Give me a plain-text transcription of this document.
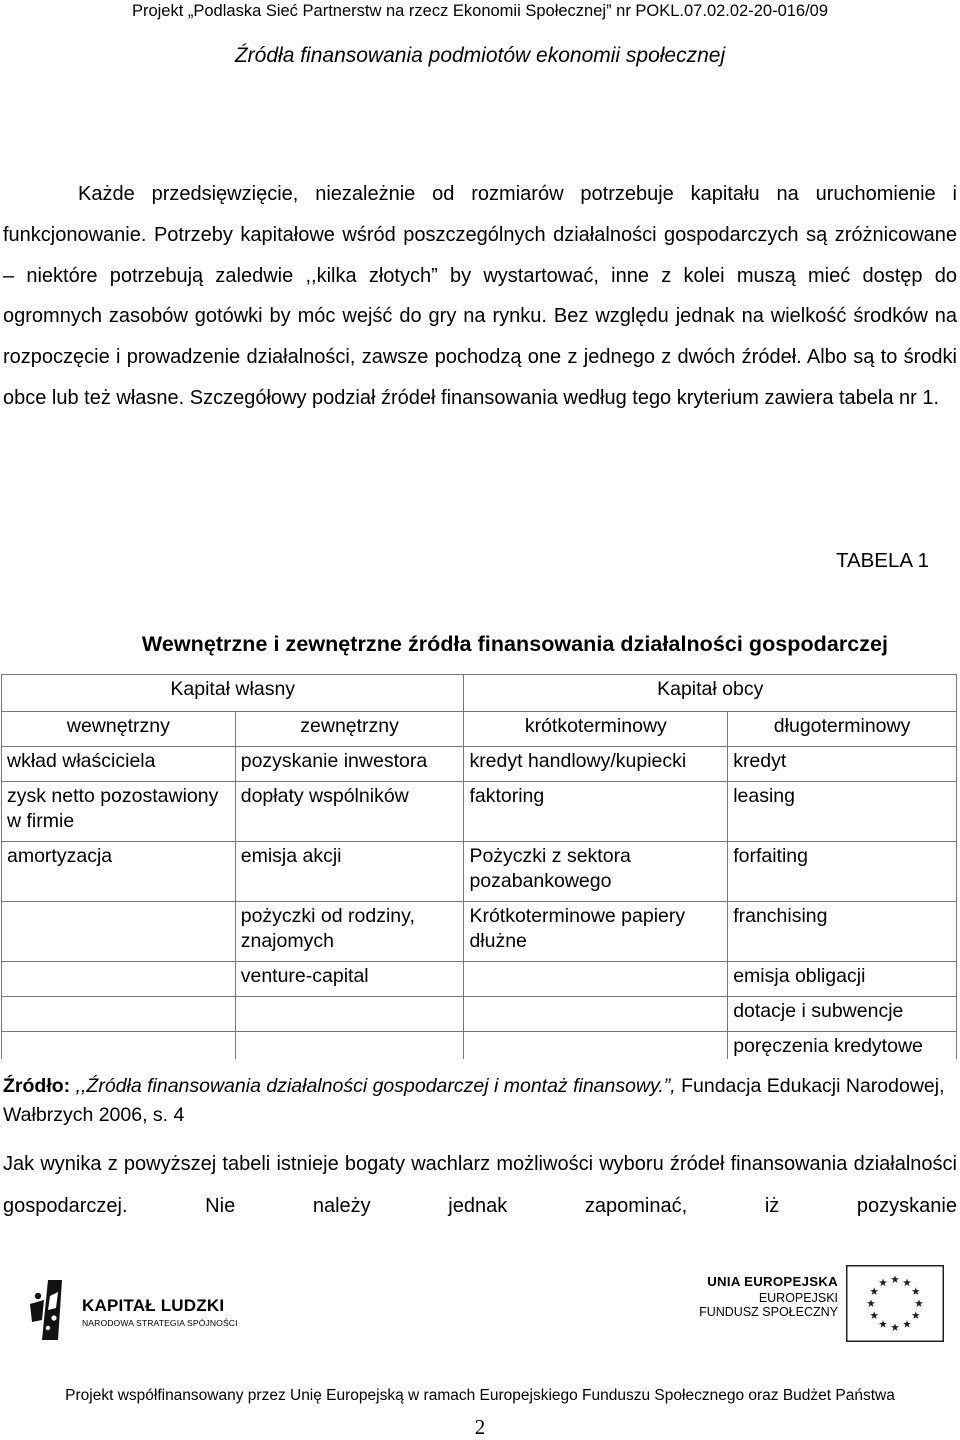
Projekt „Podlaska Sieć Partnerstw na rzecz Ekonomii Społecznej” nr POKL.07.02.02-20-016/09
Źródła finansowania podmiotów ekonomii społecznej

Każde przedsięwzięcie, niezależnie od rozmiarów potrzebuje kapitału na uruchomienie i funkcjonowanie. Potrzeby kapitałowe wśród poszczególnych działalności gospodarczych są zróżnicowane – niektóre potrzebują zaledwie ,,kilka złotych” by wystartować, inne z kolei muszą mieć dostęp do ogromnych zasobów gotówki by móc wejść do gry na rynku. Bez względu jednak na wielkość środków na rozpoczęcie i prowadzenie działalności, zawsze pochodzą one z jednego z dwóch źródeł. Albo są to środki obce lub też własne. Szczegółowy podział źródeł finansowania według tego kryterium zawiera tabela nr 1.

TABELA 1
Wewnętrzne i zewnętrzne źródła finansowania działalności gospodarczej
Kapitał własny		Kapitał obcy	
wewnętrzny	zewnętrzny	krótkoterminowy	długoterminowy
wkład właściciela	pozyskanie inwestora	kredyt handlowy/kupiecki	kredyt
zysk netto pozostawiony w firmie	dopłaty wspólników	faktoring	leasing
amortyzacja	emisja akcji	Pożyczki z sektora pozabankowego	forfaiting
	pożyczki od rodziny, znajomych	Krótkoterminowe papiery dłużne	franchising
	venture-capital		emisja obligacji
			dotacje i subwencje
			poręczenia kredytowe
Źródło: ,,Źródła finansowania działalności gospodarczej i montaż finansowy.”, Fundacja Edukacji Narodowej, Wałbrzych 2006, s. 4
Jak wynika z powyższej tabeli istnieje bogaty wachlarz możliwości wyboru źródeł finansowania działalności gospodarczej. Nie należy jednak zapominać, iż pozyskanie
KAPITAŁ LUDZKI
NARODOWA STRATEGIA SPÓJNOŚCI
UNIA EUROPEJSKA
EUROPEJSKI
FUNDUSZ SPOŁECZNY
Projekt współfinansowany przez Unię Europejską w ramach Europejskiego Funduszu Społecznego oraz Budżet Państwa
2
